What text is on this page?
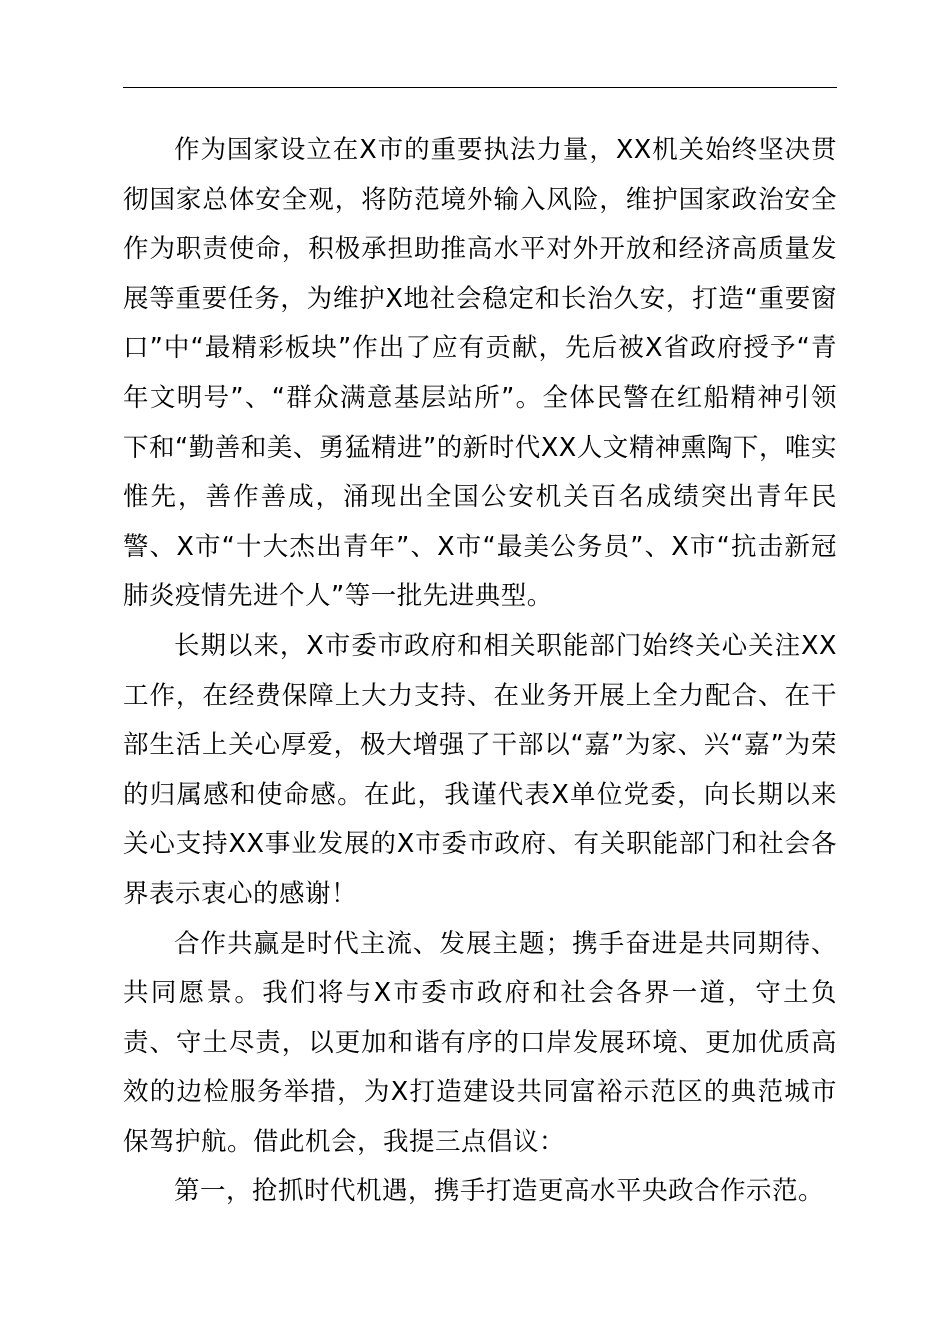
作为国家设立在X市的重要执法力量，XX机关始终坚决贯彻国家总体安全观，将防范境外输入风险，维护国家政治安全作为职责使命，积极承担助推高水平对外开放和经济高质量发展等重要任务，为维护X地社会稳定和长治久安，打造“重要窗口”中“最精彩板块”作出了应有贡献，先后被X省政府授予“青年文明号”、“群众满意基层站所”。全体民警在红船精神引领下和“勤善和美、勇猛精进”的新时代XX人文精神熏陶下，唯实惟先，善作善成，涌现出全国公安机关百名成绩突出青年民警、X市“十大杰出青年”、X市“最美公务员”、X市“抗击新冠肺炎疫情先进个人”等一批先进典型。

长期以来，X市委市政府和相关职能部门始终关心关注XX工作，在经费保障上大力支持、在业务开展上全力配合、在干部生活上关心厚爱，极大增强了干部以“嘉”为家、兴“嘉”为荣的归属感和使命感。在此，我谨代表X单位党委，向长期以来关心支持XX事业发展的X市委市政府、有关职能部门和社会各界表示衷心的感谢！

合作共赢是时代主流、发展主题；携手奋进是共同期待、共同愿景。我们将与X市委市政府和社会各界一道，守土负责、守土尽责，以更加和谐有序的口岸发展环境、更加优质高效的边检服务举措，为X打造建设共同富裕示范区的典范城市保驾护航。借此机会，我提三点倡议：

第一，抢抓时代机遇，携手打造更高水平央政合作示范。
